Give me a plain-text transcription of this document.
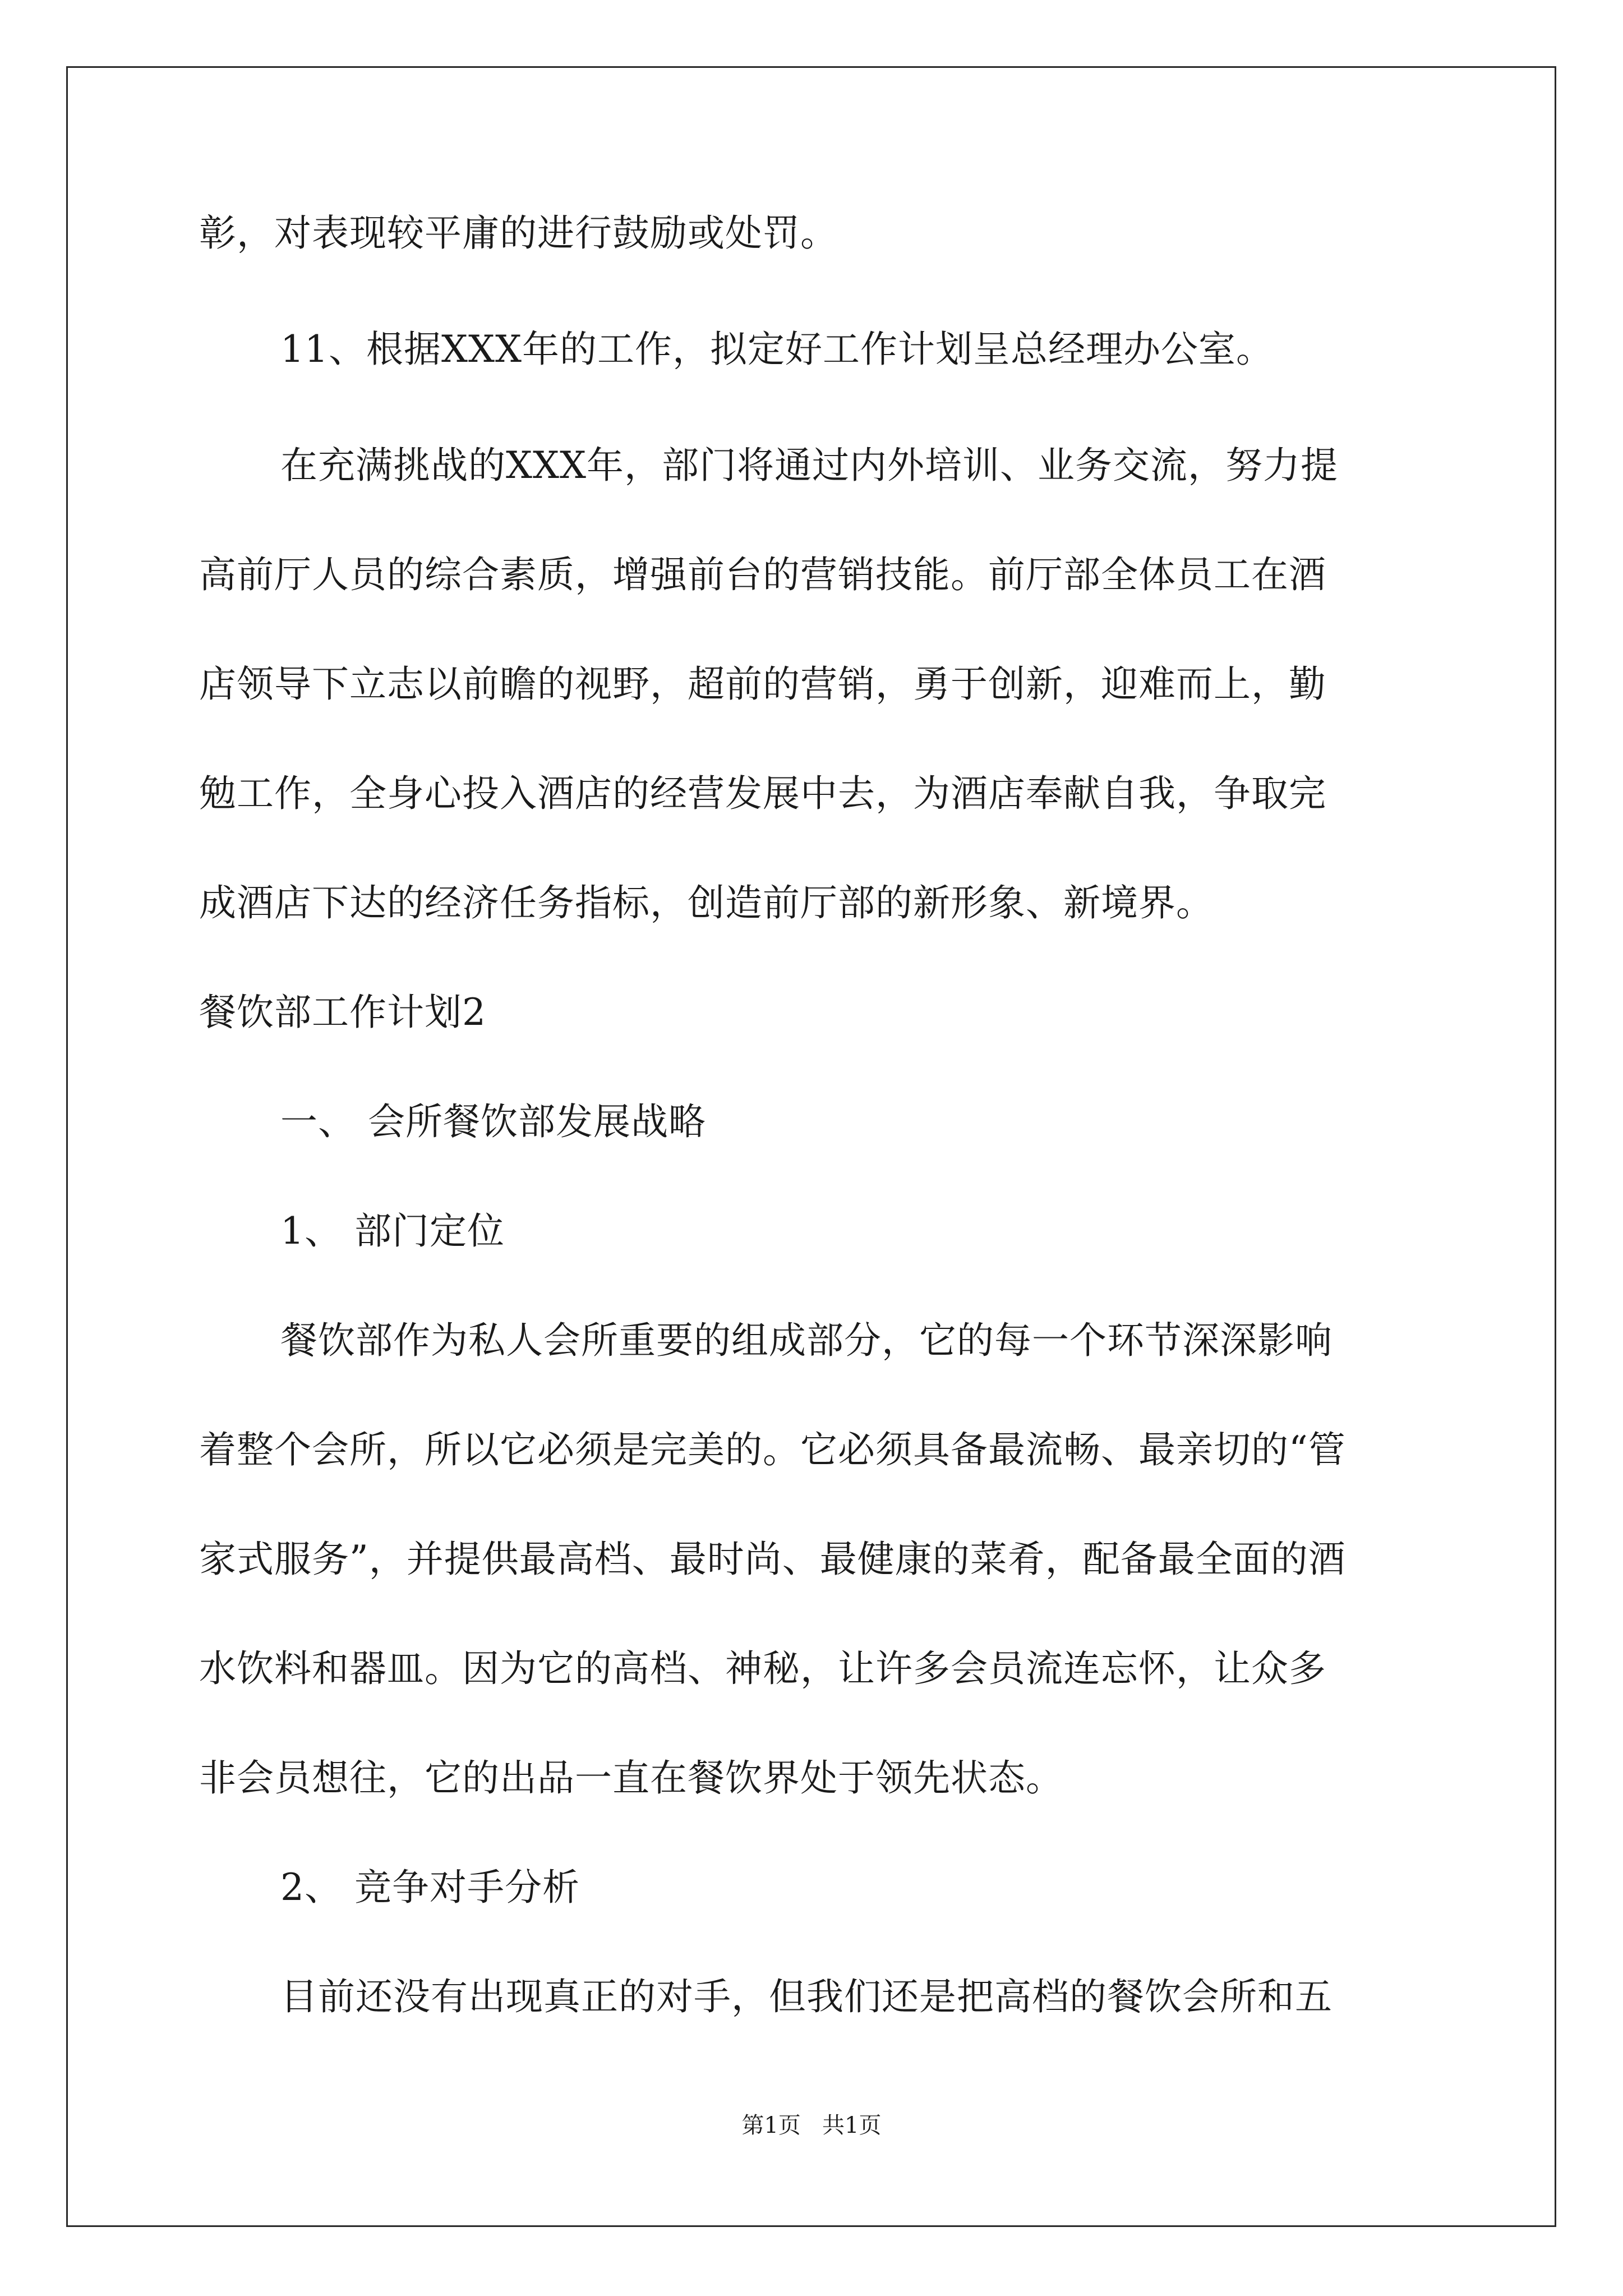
彰，对表现较平庸的进行鼓励或处罚。
11、根据XXX年的工作，拟定好工作计划呈总经理办公室。
在充满挑战的XXX年，部门将通过内外培训、业务交流，努力提
高前厅人员的综合素质，增强前台的营销技能。前厅部全体员工在酒
店领导下立志以前瞻的视野，超前的营销，勇于创新，迎难而上，勤
勉工作，全身心投入酒店的经营发展中去，为酒店奉献自我，争取完
成酒店下达的经济任务指标，创造前厅部的新形象、新境界。
餐饮部工作计划2
一、 会所餐饮部发展战略
1、 部门定位
餐饮部作为私人会所重要的组成部分，它的每一个环节深深影响
着整个会所，所以它必须是完美的。它必须具备最流畅、最亲切的“管
家式服务”，并提供最高档、最时尚、最健康的菜肴，配备最全面的酒
水饮料和器皿。因为它的高档、神秘，让许多会员流连忘怀，让众多
非会员想往，它的出品一直在餐饮界处于领先状态。
2、 竞争对手分析
目前还没有出现真正的对手，但我们还是把高档的餐饮会所和五
第1页   共1页
